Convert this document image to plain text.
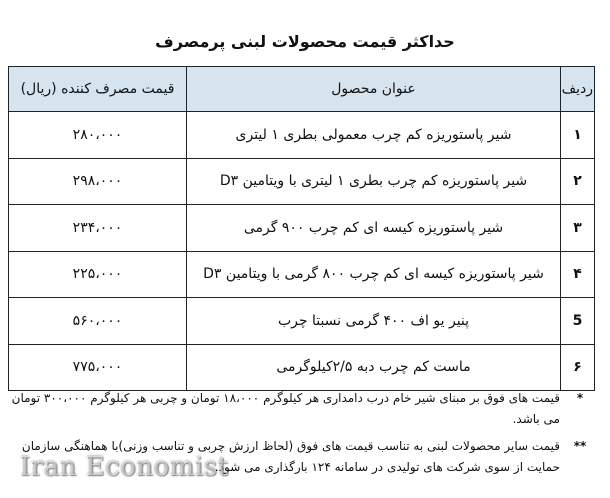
حداکثر قیمت محصولات لبنی پرمصرف
ردیف	عنوان محصول	قیمت مصرف کننده (ریال)
۱	شیر پاستوریزه کم چرب معمولی بطری ۱ لیتری	۲۸۰،۰۰۰
۲	شیر پاستوریزه کم چرب بطری ۱ لیتری با ویتامین D۳	۲۹۸،۰۰۰
۳	شیر پاستوریزه کیسه ای کم چرب ۹۰۰ گرمی	۲۳۴،۰۰۰
۴	شیر پاستوریزه کیسه ای کم چرب ۸۰۰ گرمی با ویتامین D۳	۲۲۵،۰۰۰
5	پنیر یو اف ۴۰۰ گرمی نسبتا چرب	۵۶۰،۰۰۰
۶	ماست کم چرب دبه ۲/۵کیلوگرمی	۷۷۵،۰۰۰
*
قیمت های فوق بر مبنای شیر خام درب دامداری هر کیلوگرم ۱۸،۰۰۰ تومان و چربی هر کیلوگرم ۳۰۰،۰۰۰ تومان می باشد.
**
قیمت سایر محصولات لبنی به تناسب قیمت های فوق (لحاظ ارزش چربی و تناسب وزنی)با هماهنگی سازمان حمایت از سوی شرکت های تولیدی در سامانه ۱۲۴ بارگذاری می شود.
Iran Economist
